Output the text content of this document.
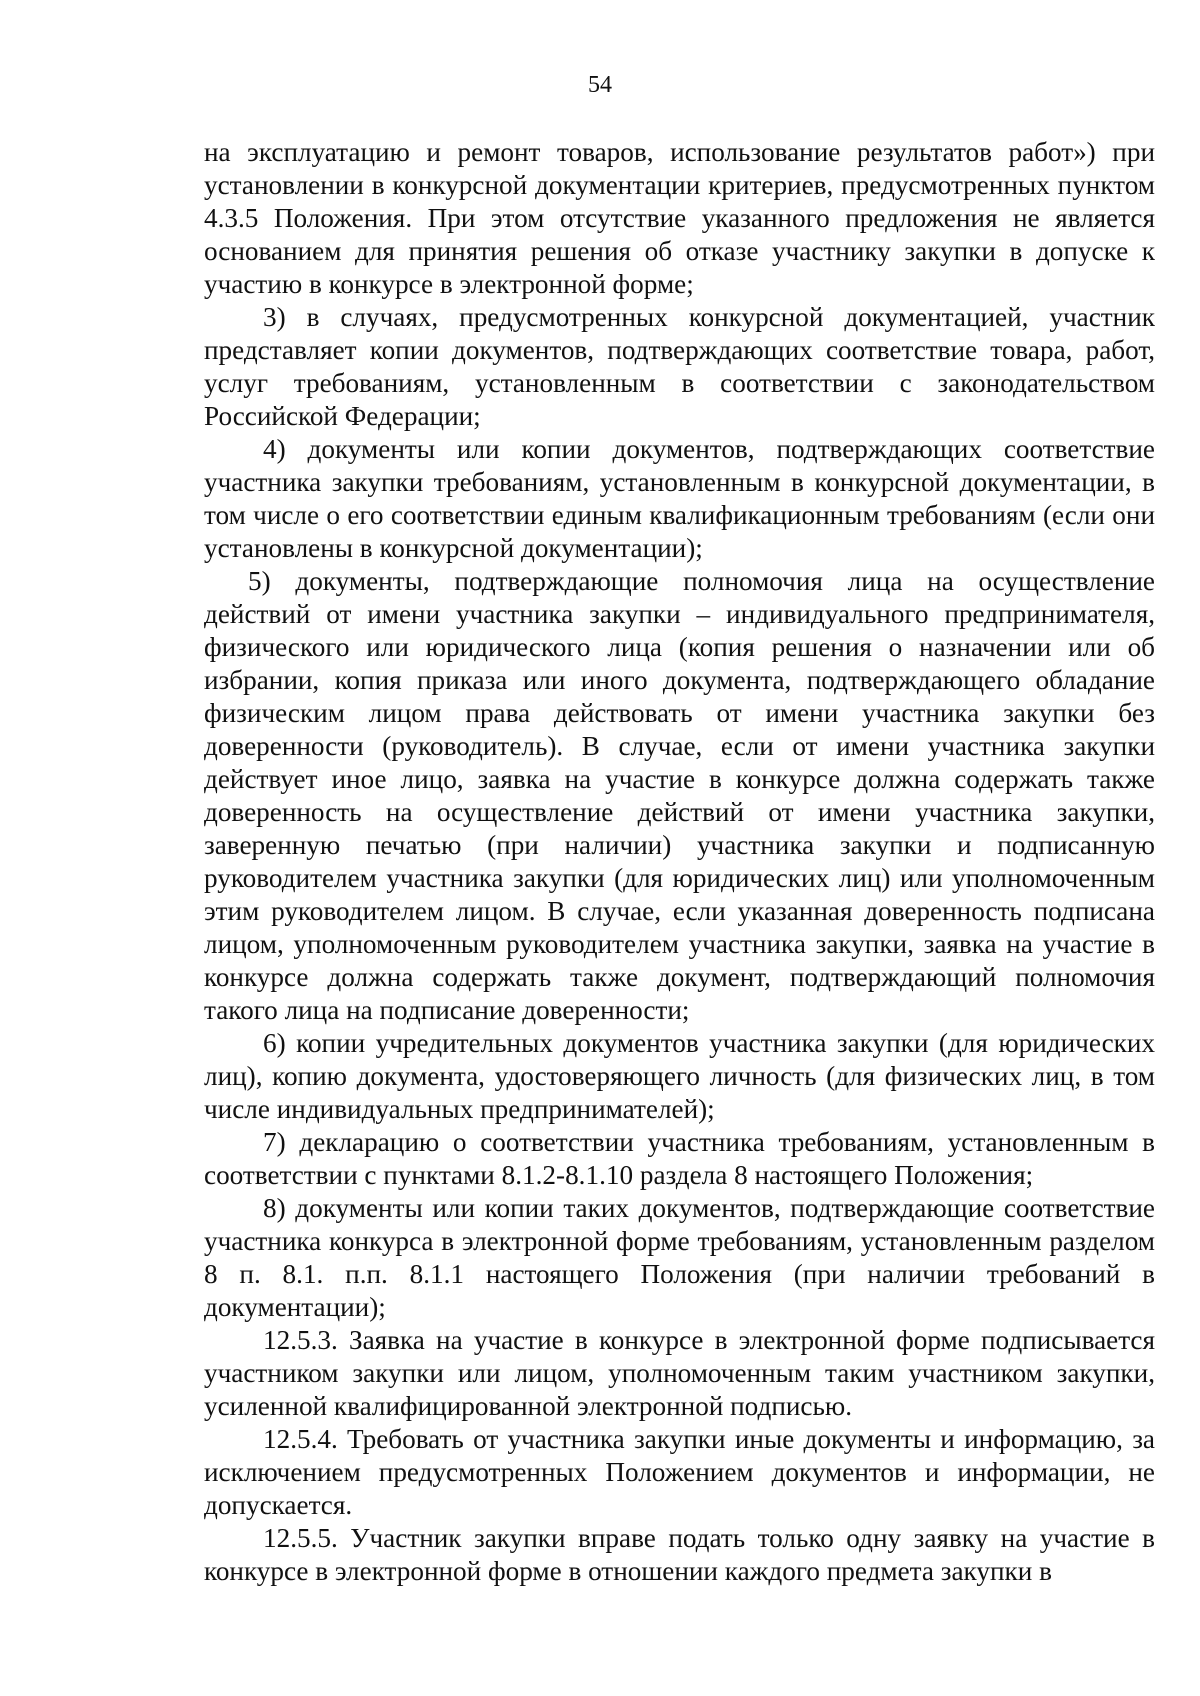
54

на эксплуатацию и ремонт товаров, использование результатов работ») при установлении в конкурсной документации критериев, предусмотренных пунктом 4.3.5 Положения. При этом отсутствие указанного предложения не является основанием для принятия решения об отказе участнику закупки в допуске к участию в конкурсе в электронной форме;

3) в случаях, предусмотренных конкурсной документацией, участник представляет копии документов, подтверждающих соответствие товара, работ, услуг требованиям, установленным в соответствии с законодательством Российской Федерации;

4) документы или копии документов, подтверждающих соответствие участника закупки требованиям, установленным в конкурсной документации, в том числе о его соответствии единым квалификационным требованиям (если они установлены в конкурсной документации);

5) документы, подтверждающие полномочия лица на осуществление действий от имени участника закупки – индивидуального предпринимателя, физического или юридического лица (копия решения о назначении или об избрании, копия приказа или иного документа, подтверждающего обладание физическим лицом права действовать от имени участника закупки без доверенности (руководитель). В случае, если от имени участника закупки действует иное лицо, заявка на участие в конкурсе должна содержать также доверенность на осуществление действий от имени участника закупки, заверенную печатью (при наличии) участника закупки и подписанную руководителем участника закупки (для юридических лиц) или уполномоченным этим руководителем лицом. В случае, если указанная доверенность подписана лицом, уполномоченным руководителем участника закупки, заявка на участие в конкурсе должна содержать также документ, подтверждающий полномочия такого лица на подписание доверенности;

6) копии учредительных документов участника закупки (для юридических лиц), копию документа, удостоверяющего личность (для физических лиц, в том числе индивидуальных предпринимателей);

7) декларацию о соответствии участника требованиям, установленным в соответствии с пунктами 8.1.2-8.1.10 раздела 8 настоящего Положения;

8) документы или копии таких документов, подтверждающие соответствие участника конкурса в электронной форме требованиям, установленным разделом 8 п. 8.1. п.п. 8.1.1 настоящего Положения (при наличии требований в документации);

12.5.3. Заявка на участие в конкурсе в электронной форме подписывается участником закупки или лицом, уполномоченным таким участником закупки, усиленной квалифицированной электронной подписью.

12.5.4. Требовать от участника закупки иные документы и информацию, за исключением предусмотренных Положением документов и информации, не допускается.

12.5.5. Участник закупки вправе подать только одну заявку на участие в конкурсе в электронной форме в отношении каждого предмета закупки в
